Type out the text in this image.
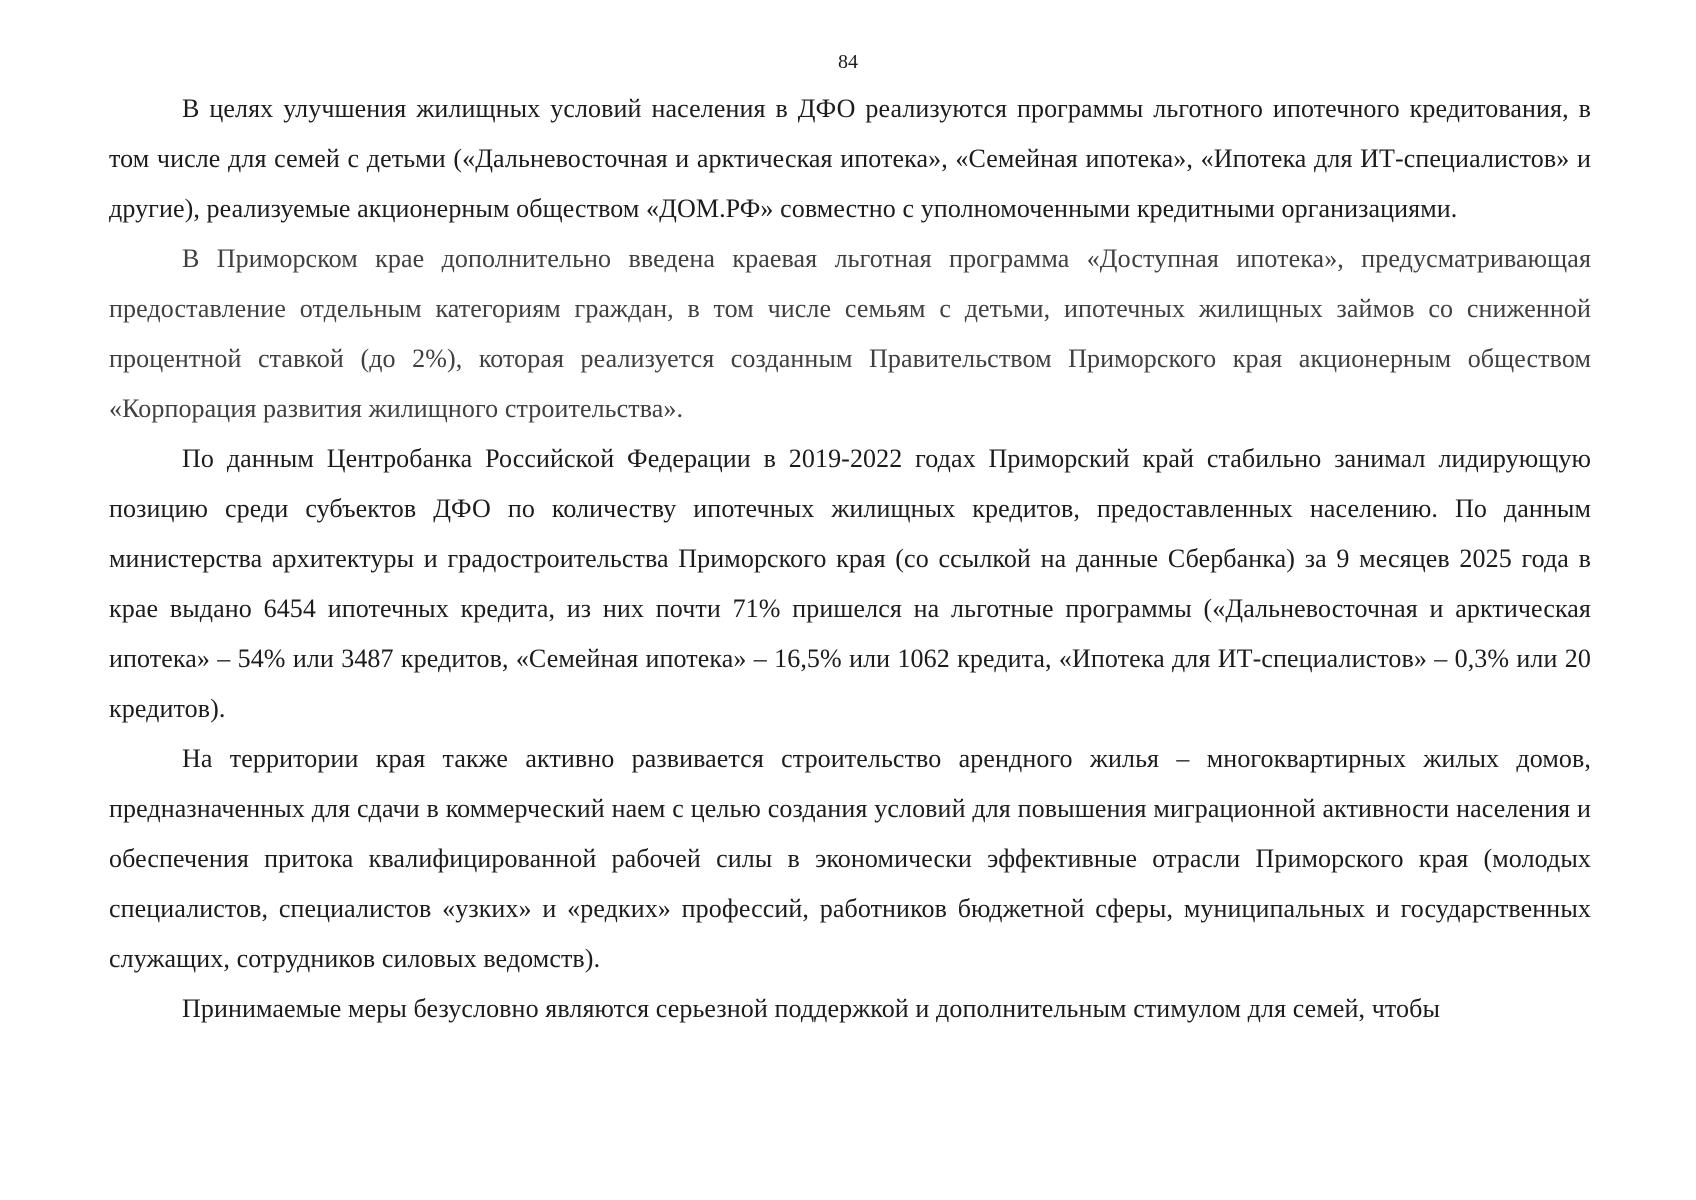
84

В целях улучшения жилищных условий населения в ДФО реализуются программы льготного ипотечного кредитования, в том числе для семей с детьми («Дальневосточная и арктическая ипотека», «Семейная ипотека», «Ипотека для ИТ-специалистов» и другие), реализуемые акционерным обществом «ДОМ.РФ» совместно с уполномоченными кредитными организациями.

В Приморском крае дополнительно введена краевая льготная программа «Доступная ипотека», предусматривающая предоставление отдельным категориям граждан, в том числе семьям с детьми, ипотечных жилищных займов со сниженной процентной ставкой (до 2%), которая реализуется созданным Правительством Приморского края акционерным обществом «Корпорация развития жилищного строительства».

По данным Центробанка Российской Федерации в 2019-2022 годах Приморский край стабильно занимал лидирующую позицию среди субъектов ДФО по количеству ипотечных жилищных кредитов, предоставленных населению. По данным министерства архитектуры и градостроительства Приморского края (со ссылкой на данные Сбербанка) за 9 месяцев 2025 года в крае выдано 6454 ипотечных кредита, из них почти 71% пришелся на льготные программы («Дальневосточная и арктическая ипотека» – 54% или 3487 кредитов, «Семейная ипотека» – 16,5% или 1062 кредита, «Ипотека для ИТ-специалистов» – 0,3% или 20 кредитов).

На территории края также активно развивается строительство арендного жилья – многоквартирных жилых домов, предназначенных для сдачи в коммерческий наем с целью создания условий для повышения миграционной активности населения и обеспечения притока квалифицированной рабочей силы в экономически эффективные отрасли Приморского края (молодых специалистов, специалистов «узких» и «редких» профессий, работников бюджетной сферы, муниципальных и государственных служащих, сотрудников силовых ведомств).

Принимаемые меры безусловно являются серьезной поддержкой и дополнительным стимулом для семей, чтобы
